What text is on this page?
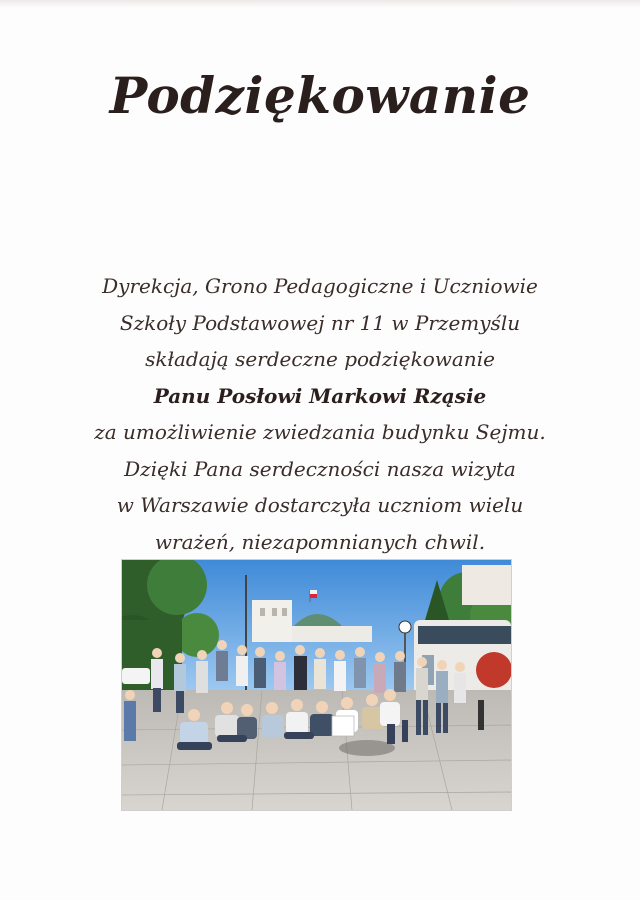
Podziękowanie
Dyrekcja, Grono Pedagogiczne i Uczniowie
Szkoły Podstawowej nr 11 w Przemyślu
składają serdeczne podziękowanie
Panu Posłowi Markowi Rząsie
za umożliwienie zwiedzania budynku Sejmu.
Dzięki Pana serdeczności nasza wizyta
w Warszawie dostarczyła uczniom wielu
wrażeń, niezapomnianych chwil.
